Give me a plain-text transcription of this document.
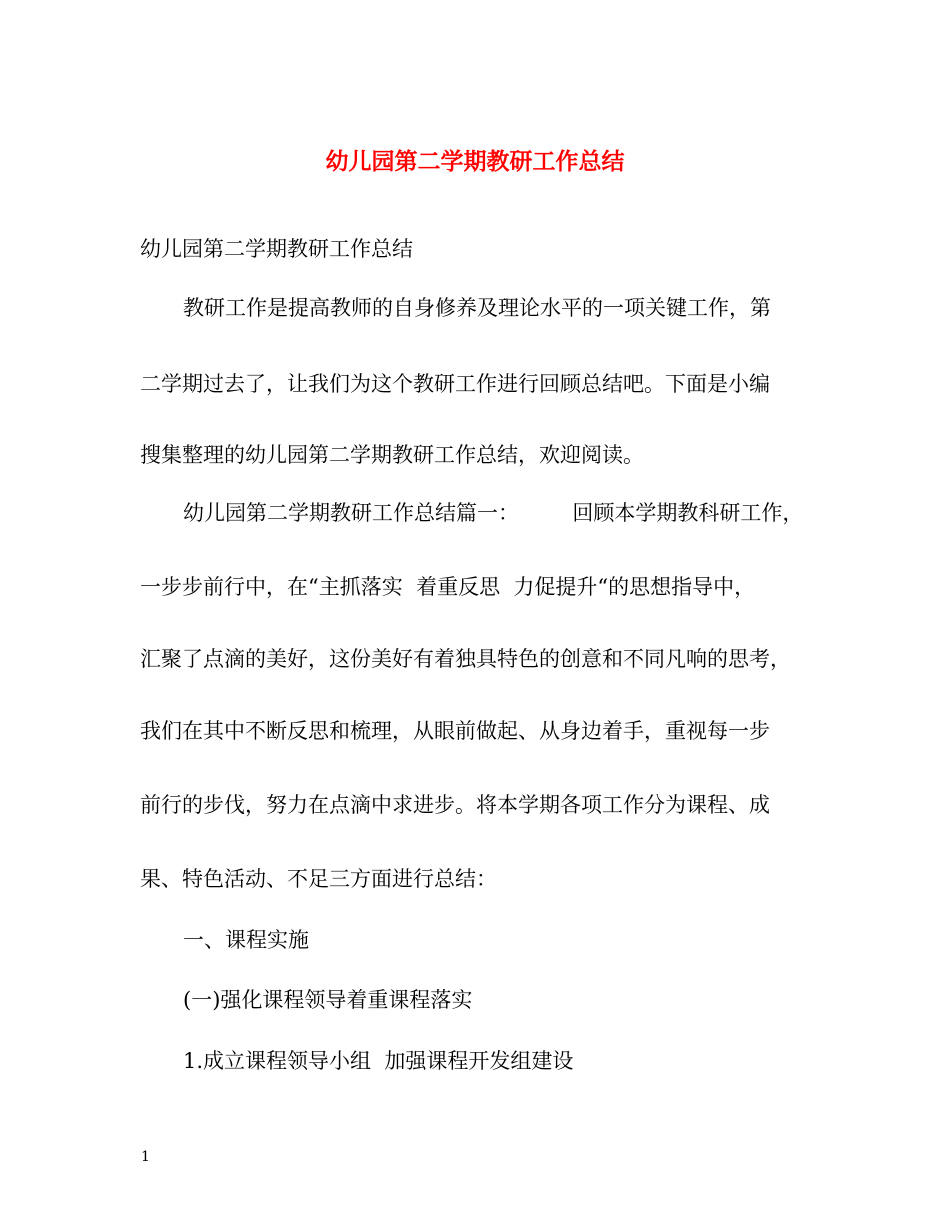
幼儿园第二学期教研工作总结
幼儿园第二学期教研工作总结
教研工作是提高教师的自身修养及理论水平的一项关键工作，第
二学期过去了，让我们为这个教研工作进行回顾总结吧。下面是小编
搜集整理的幼儿园第二学期教研工作总结，欢迎阅读。
幼儿园第二学期教研工作总结篇一：        回顾本学期教科研工作，
一步步前行中，在“主抓落实  着重反思  力促提升“的思想指导中，
汇聚了点滴的美好，这份美好有着独具特色的创意和不同凡响的思考，
我们在其中不断反思和梳理，从眼前做起、从身边着手，重视每一步
前行的步伐，努力在点滴中求进步。将本学期各项工作分为课程、成
果、特色活动、不足三方面进行总结：
一、课程实施
(一)强化课程领导着重课程落实
1.成立课程领导小组  加强课程开发组建设
1
